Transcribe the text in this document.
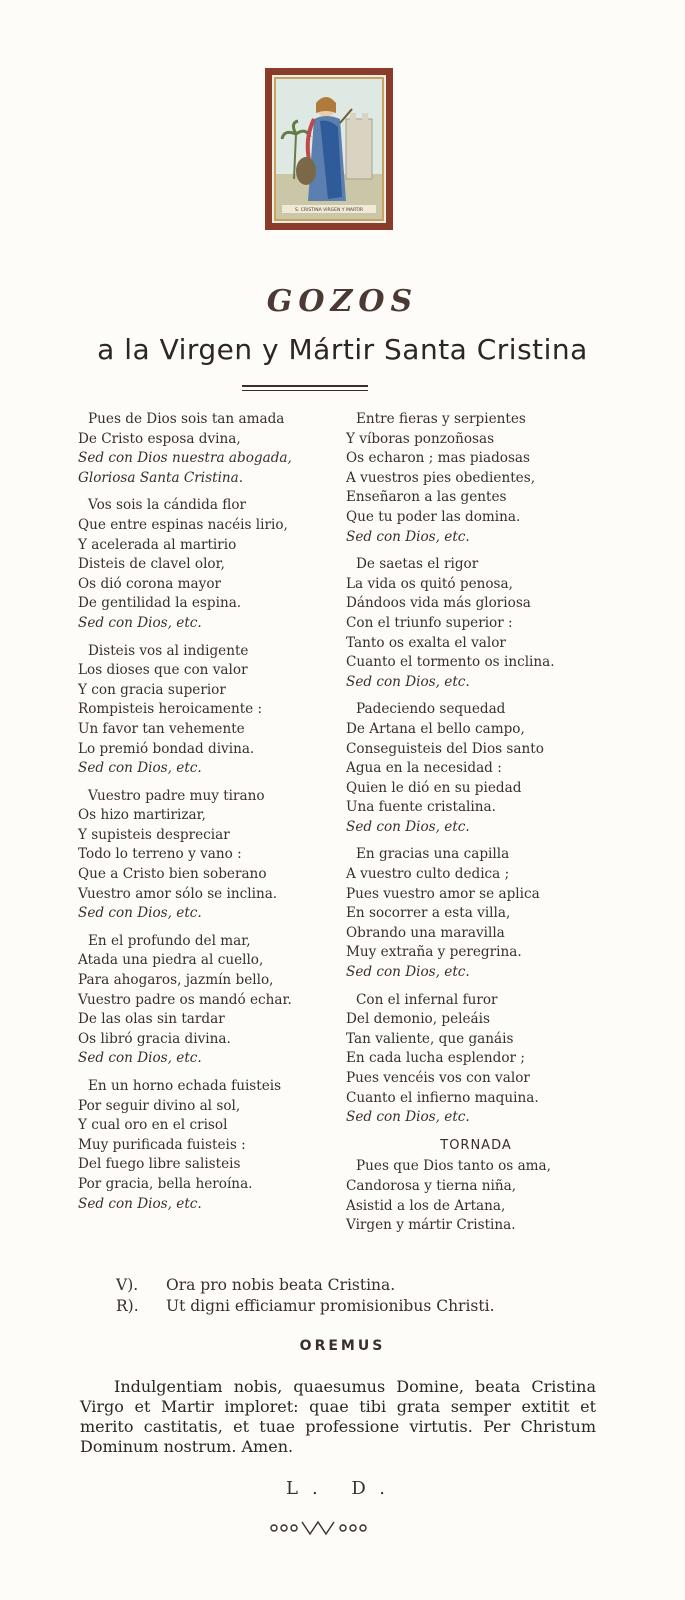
S. CRISTINA VIRGEN Y MARTIR
GOZOS
a la Virgen y Mártir Santa Cristina
Pues de Dios sois tan amada
De Cristo esposa dvina,
Sed con Dios nuestra abogada,
Gloriosa Santa Cristina.
Vos sois la cándida flor
Que entre espinas nacéis lirio,
Y acelerada al martirio
Disteis de clavel olor,
Os dió corona mayor
De gentilidad la espina.
Sed con Dios, etc.
Disteis vos al indigente
Los dioses que con valor
Y con gracia superior
Rompisteis heroicamente :
Un favor tan vehemente
Lo premió bondad divina.
Sed con Dios, etc.
Vuestro padre muy tirano
Os hizo martirizar,
Y supisteis despreciar
Todo lo terreno y vano :
Que a Cristo bien soberano
Vuestro amor sólo se inclina.
Sed con Dios, etc.
En el profundo del mar,
Atada una piedra al cuello,
Para ahogaros, jazmín bello,
Vuestro padre os mandó echar.
De las olas sin tardar
Os libró gracia divina.
Sed con Dios, etc.
En un horno echada fuisteis
Por seguir divino al sol,
Y cual oro en el crisol
Muy purificada fuisteis :
Del fuego libre salisteis
Por gracia, bella heroína.
Sed con Dios, etc.
Entre fieras y serpientes
Y víboras ponzoñosas
Os echaron ; mas piadosas
A vuestros pies obedientes,
Enseñaron a las gentes
Que tu poder las domina.
Sed con Dios, etc.
De saetas el rigor
La vida os quitó penosa,
Dándoos vida más gloriosa
Con el triunfo superior :
Tanto os exalta el valor
Cuanto el tormento os inclina.
Sed con Dios, etc.
Padeciendo sequedad
De Artana el bello campo,
Conseguisteis del Dios santo
Agua en la necesidad :
Quien le dió en su piedad
Una fuente cristalina.
Sed con Dios, etc.
En gracias una capilla
A vuestro culto dedica ;
Pues vuestro amor se aplica
En socorrer a esta villa,
Obrando una maravilla
Muy extraña y peregrina.
Sed con Dios, etc.
Con el infernal furor
Del demonio, peleáis
Tan valiente, que ganáis
En cada lucha esplendor ;
Pues vencéis vos con valor
Cuanto el infierno maquina.
Sed con Dios, etc.
TORNADA
Pues que Dios tanto os ama,
Candorosa y tierna niña,
Asistid a los de Artana,
Virgen y mártir Cristina.
V). Ora pro nobis beata Cristina.
R). Ut digni efficiamur promisionibus Christi.
OREMUS
Indulgentiam nobis, quaesumus Domine, beata Cristina Virgo et Martir imploret: quae tibi grata semper extitit et merito castitatis, et tuae professione virtutis. Per Christum Dominum nostrum. Amen.
L. D.
